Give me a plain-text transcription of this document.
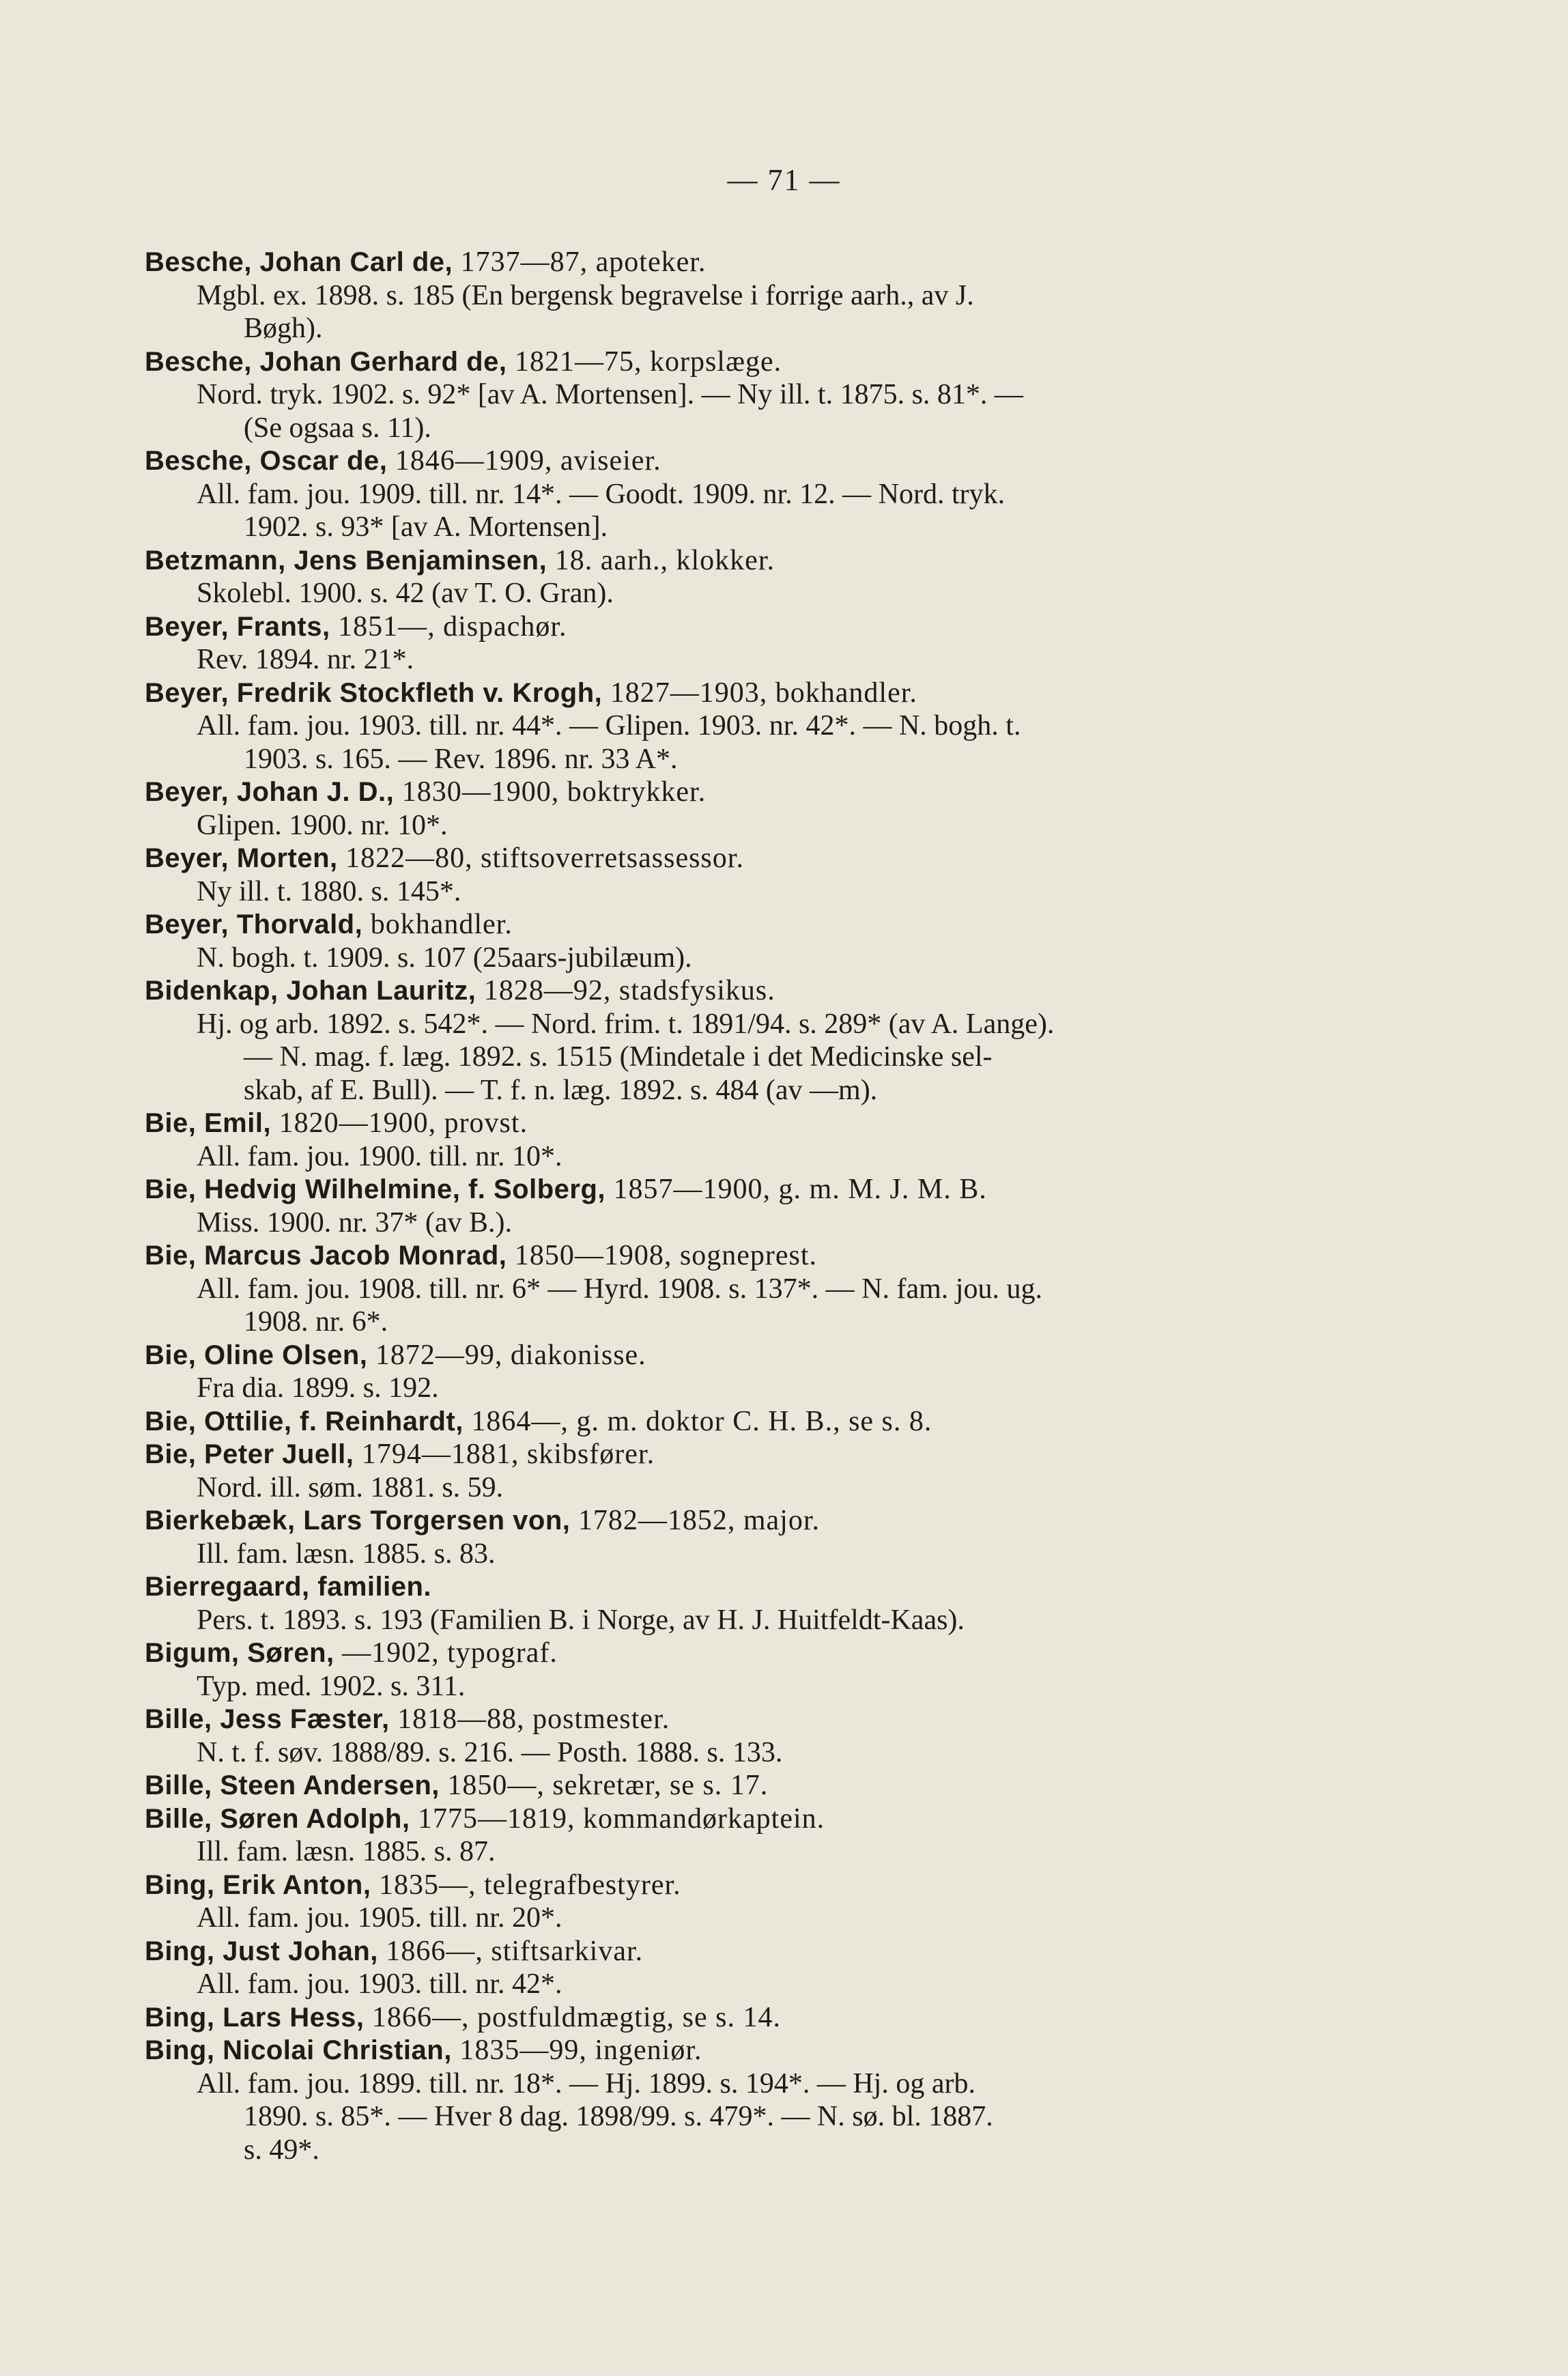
— 71 —
Besche, Johan Carl de, 1737—87, apoteker.
Mgbl. ex. 1898. s. 185 (En bergensk begravelse i forrige aarh., av J.
Bøgh).
Besche, Johan Gerhard de, 1821—75, korpslæge.
Nord. tryk. 1902. s. 92* [av A. Mortensen]. — Ny ill. t. 1875. s. 81*. —
(Se ogsaa s. 11).
Besche, Oscar de, 1846—1909, aviseier.
All. fam. jou. 1909. till. nr. 14*. — Goodt. 1909. nr. 12. — Nord. tryk.
1902. s. 93* [av A. Mortensen].
Betzmann, Jens Benjaminsen, 18. aarh., klokker.
Skolebl. 1900. s. 42 (av T. O. Gran).
Beyer, Frants, 1851—, dispachør.
Rev. 1894. nr. 21*.
Beyer, Fredrik Stockfleth v. Krogh, 1827—1903, bokhandler.
All. fam. jou. 1903. till. nr. 44*. — Glipen. 1903. nr. 42*. — N. bogh. t.
1903. s. 165. — Rev. 1896. nr. 33 A*.
Beyer, Johan J. D., 1830—1900, boktrykker.
Glipen. 1900. nr. 10*.
Beyer, Morten, 1822—80, stiftsoverretsassessor.
Ny ill. t. 1880. s. 145*.
Beyer, Thorvald, bokhandler.
N. bogh. t. 1909. s. 107 (25aars-jubilæum).
Bidenkap, Johan Lauritz, 1828—92, stadsfysikus.
Hj. og arb. 1892. s. 542*. — Nord. frim. t. 1891/94. s. 289* (av A. Lange).
— N. mag. f. læg. 1892. s. 1515 (Mindetale i det Medicinske sel-
skab, af E. Bull). — T. f. n. læg. 1892. s. 484 (av —m).
Bie, Emil, 1820—1900, provst.
All. fam. jou. 1900. till. nr. 10*.
Bie, Hedvig Wilhelmine, f. Solberg, 1857—1900, g. m. M. J. M. B.
Miss. 1900. nr. 37* (av B.).
Bie, Marcus Jacob Monrad, 1850—1908, sogneprest.
All. fam. jou. 1908. till. nr. 6* — Hyrd. 1908. s. 137*. — N. fam. jou. ug.
1908. nr. 6*.
Bie, Oline Olsen, 1872—99, diakonisse.
Fra dia. 1899. s. 192.
Bie, Ottilie, f. Reinhardt, 1864—, g. m. doktor C. H. B., se s. 8.
Bie, Peter Juell, 1794—1881, skibsfører.
Nord. ill. søm. 1881. s. 59.
Bierkebæk, Lars Torgersen von, 1782—1852, major.
Ill. fam. læsn. 1885. s. 83.
Bierregaard, familien.
Pers. t. 1893. s. 193 (Familien B. i Norge, av H. J. Huitfeldt-Kaas).
Bigum, Søren, —1902, typograf.
Typ. med. 1902. s. 311.
Bille, Jess Fæster, 1818—88, postmester.
N. t. f. søv. 1888/89. s. 216. — Posth. 1888. s. 133.
Bille, Steen Andersen, 1850—, sekretær, se s. 17.
Bille, Søren Adolph, 1775—1819, kommandørkaptein.
Ill. fam. læsn. 1885. s. 87.
Bing, Erik Anton, 1835—, telegrafbestyrer.
All. fam. jou. 1905. till. nr. 20*.
Bing, Just Johan, 1866—, stiftsarkivar.
All. fam. jou. 1903. till. nr. 42*.
Bing, Lars Hess, 1866—, postfuldmægtig, se s. 14.
Bing, Nicolai Christian, 1835—99, ingeniør.
All. fam. jou. 1899. till. nr. 18*. — Hj. 1899. s. 194*. — Hj. og arb.
1890. s. 85*. — Hver 8 dag. 1898/99. s. 479*. — N. sø. bl. 1887.
s. 49*.
